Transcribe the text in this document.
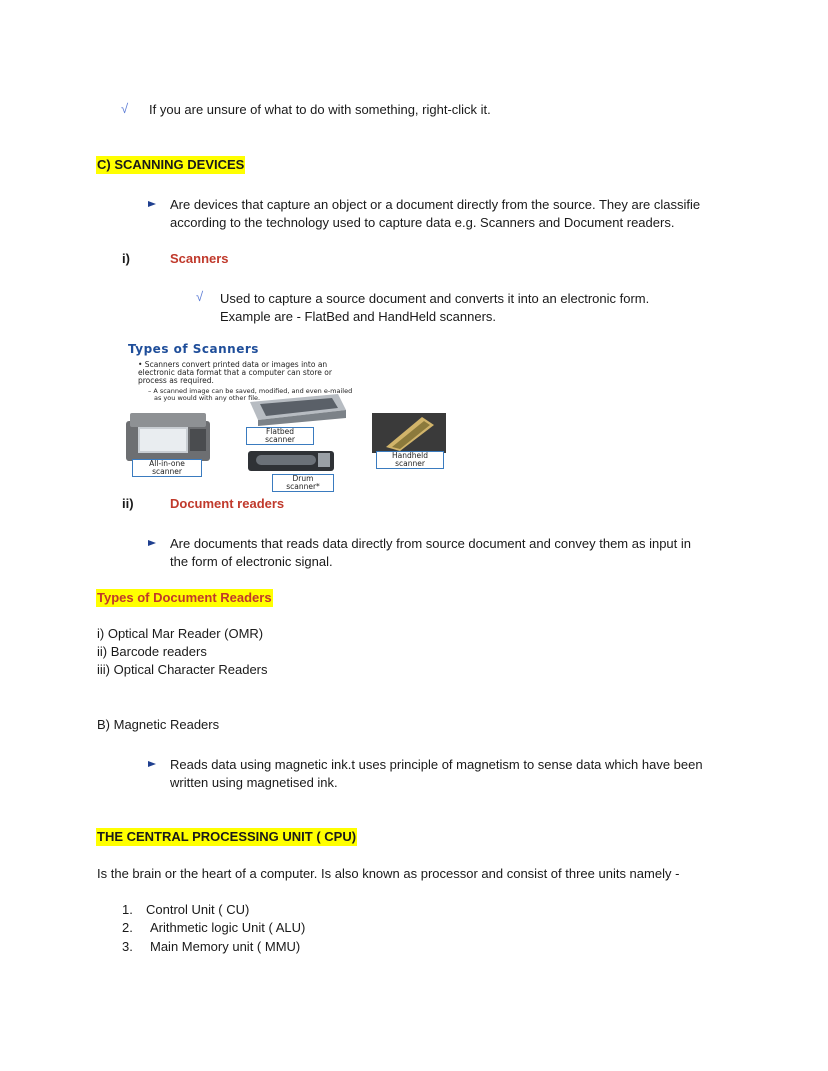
√ If you are unsure of what to do with something, right-click it.
C) SCANNING DEVICES
Are devices that capture an object or a document directly from the source. They are classifie
according to the technology used to capture data e.g. Scanners and Document readers.
i)	Scanners
√ Used to capture a source document and converts it into an electronic form.
Example are - FlatBed and HandHeld scanners.
Types of Scanners
• Scanners convert printed data or images into an
electronic data format that a computer can store or
process as required.
– A scanned image can be saved, modified, and even e-mailed
as you would with any other file.
All-in-one
scanner
Flatbed
scanner
Drum
scanner*
Handheld
scanner
ii)	Document readers
Are documents that reads data directly from source document and convey them as input in
the form of electronic signal.
Types of Document Readers
i) Optical Mar Reader (OMR)
ii) Barcode readers
iii) Optical Character Readers
B) Magnetic Readers
Reads data using magnetic ink.t uses principle of magnetism to sense data which have been
written using magnetised ink.
THE CENTRAL PROCESSING UNIT ( CPU)
Is the brain or the heart of a computer. Is also known as processor and consist of three units namely -
1. Control Unit ( CU)
2. Arithmetic logic Unit ( ALU)
3. Main Memory unit ( MMU)
